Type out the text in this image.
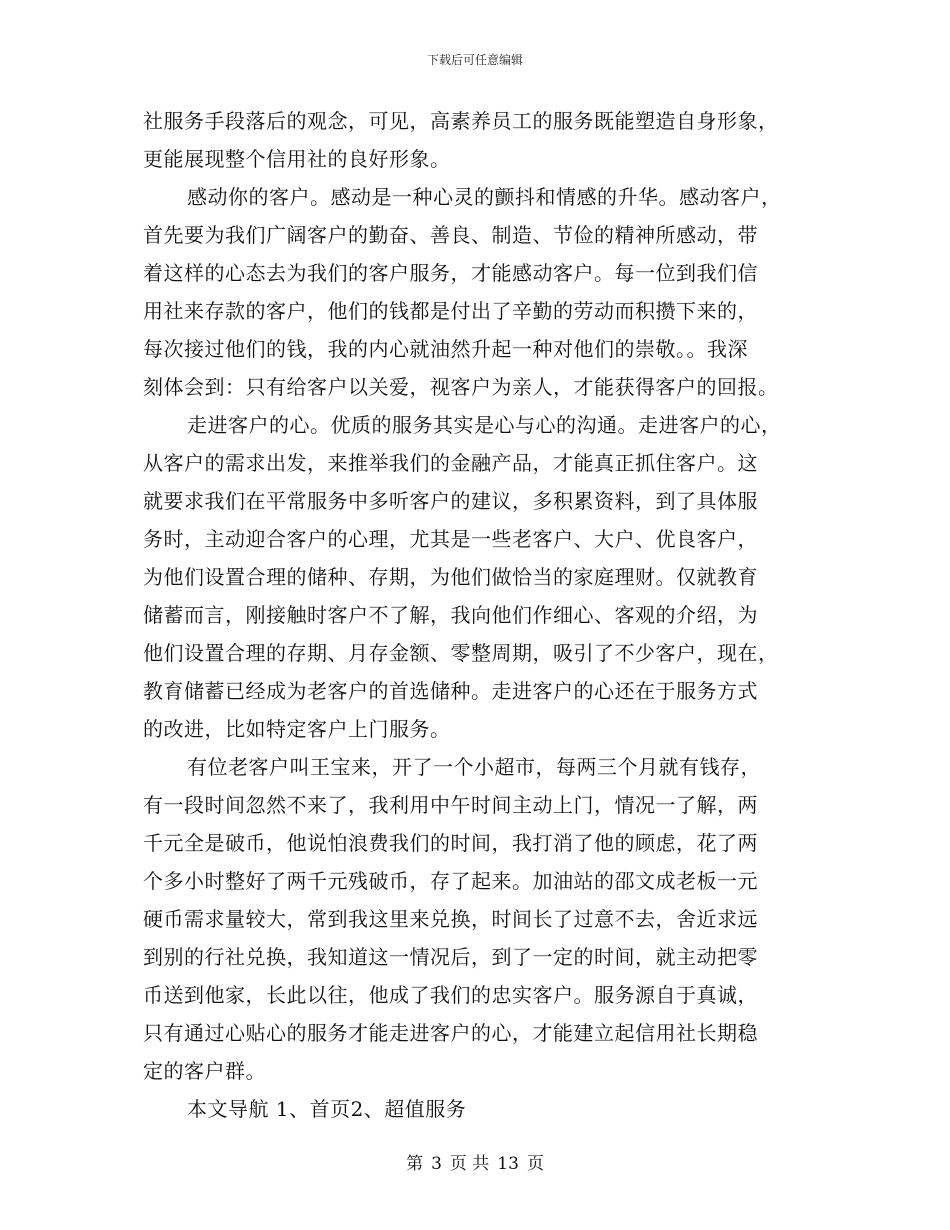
下载后可任意编辑
社服务手段落后的观念，可见，高素养员工的服务既能塑造自身形象，
更能展现整个信用社的良好形象。
感动你的客户。感动是一种心灵的颤抖和情感的升华。感动客户，
首先要为我们广阔客户的勤奋、善良、制造、节俭的精神所感动，带
着这样的心态去为我们的客户服务，才能感动客户。每一位到我们信
用社来存款的客户，他们的钱都是付出了辛勤的劳动而积攒下来的，
每次接过他们的钱，我的内心就油然升起一种对他们的崇敬。。我深
刻体会到：只有给客户以关爱，视客户为亲人，才能获得客户的回报。
走进客户的心。优质的服务其实是心与心的沟通。走进客户的心，
从客户的需求出发，来推举我们的金融产品，才能真正抓住客户。这
就要求我们在平常服务中多听客户的建议，多积累资料，到了具体服
务时，主动迎合客户的心理，尤其是一些老客户、大户、优良客户，
为他们设置合理的储种、存期，为他们做恰当的家庭理财。仅就教育
储蓄而言，刚接触时客户不了解，我向他们作细心、客观的介绍，为
他们设置合理的存期、月存金额、零整周期，吸引了不少客户，现在，
教育储蓄已经成为老客户的首选储种。走进客户的心还在于服务方式
的改进，比如特定客户上门服务。
有位老客户叫王宝来，开了一个小超市，每两三个月就有钱存，
有一段时间忽然不来了，我利用中午时间主动上门，情况一了解，两
千元全是破币，他说怕浪费我们的时间，我打消了他的顾虑，花了两
个多小时整好了两千元残破币，存了起来。加油站的邵文成老板一元
硬币需求量较大，常到我这里来兑换，时间长了过意不去，舍近求远
到别的行社兑换，我知道这一情况后，到了一定的时间，就主动把零
币送到他家，长此以往，他成了我们的忠实客户。服务源自于真诚，
只有通过心贴心的服务才能走进客户的心，才能建立起信用社长期稳
定的客户群。
本文导航 1、首页2、超值服务
第 3 页 共 13 页
